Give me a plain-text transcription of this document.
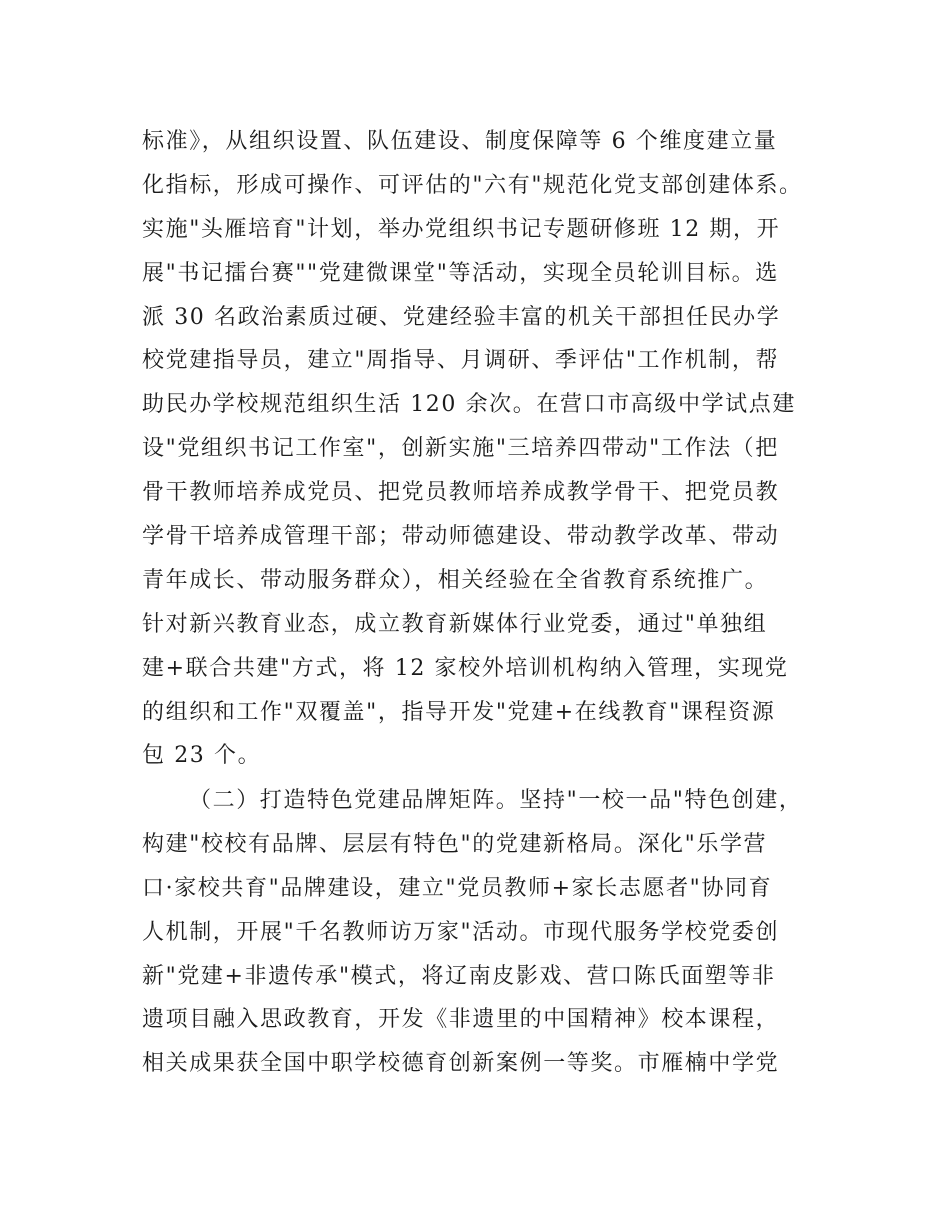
标准》，从组织设置、队伍建设、制度保障等 6 个维度建立量
化指标，形成可操作、可评估的"六有"规范化党支部创建体系。
实施"头雁培育"计划，举办党组织书记专题研修班 12 期，开
展"书记擂台赛""党建微课堂"等活动，实现全员轮训目标。选
派 30 名政治素质过硬、党建经验丰富的机关干部担任民办学
校党建指导员，建立"周指导、月调研、季评估"工作机制，帮
助民办学校规范组织生活 120 余次。在营口市高级中学试点建
设"党组织书记工作室"，创新实施"三培养四带动"工作法（把
骨干教师培养成党员、把党员教师培养成教学骨干、把党员教
学骨干培养成管理干部；带动师德建设、带动教学改革、带动
青年成长、带动服务群众），相关经验在全省教育系统推广。
针对新兴教育业态，成立教育新媒体行业党委，通过"单独组
建+联合共建"方式，将 12 家校外培训机构纳入管理，实现党
的组织和工作"双覆盖"，指导开发"党建+在线教育"课程资源
包 23 个。
（二）打造特色党建品牌矩阵。坚持"一校一品"特色创建，
构建"校校有品牌、层层有特色"的党建新格局。深化"乐学营
口·家校共育"品牌建设，建立"党员教师+家长志愿者"协同育
人机制，开展"千名教师访万家"活动。市现代服务学校党委创
新"党建+非遗传承"模式，将辽南皮影戏、营口陈氏面塑等非
遗项目融入思政教育，开发《非遗里的中国精神》校本课程，
相关成果获全国中职学校德育创新案例一等奖。市雁楠中学党
